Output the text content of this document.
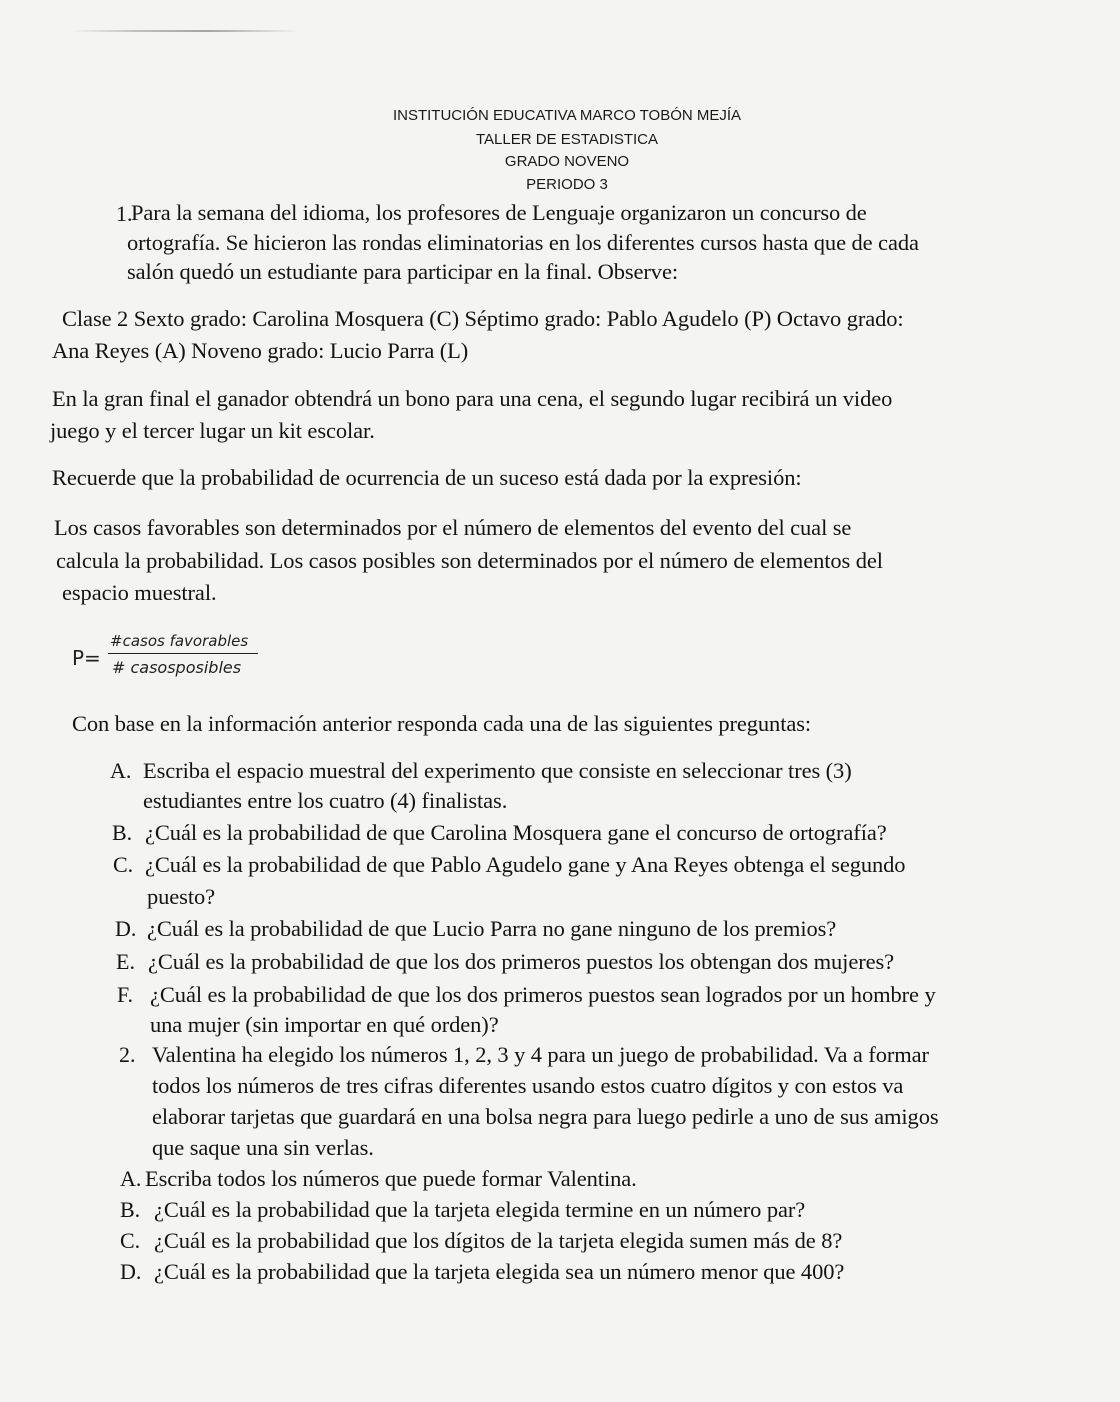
INSTITUCIÓN EDUCATIVA MARCO TOBÓN MEJÍA
TALLER DE ESTADISTICA
GRADO NOVENO
PERIODO 3
1.
Para la semana del idioma, los profesores de Lenguaje organizaron un concurso de
ortografía. Se hicieron las rondas eliminatorias en los diferentes cursos hasta que de cada
salón quedó un estudiante para participar en la final. Observe:
Clase 2 Sexto grado: Carolina Mosquera (C) Séptimo grado: Pablo Agudelo (P) Octavo grado:
Ana Reyes (A) Noveno grado: Lucio Parra (L)
En la gran final el ganador obtendrá un bono para una cena, el segundo lugar recibirá un video
juego y el tercer lugar un kit escolar.
Recuerde que la probabilidad de ocurrencia de un suceso está dada por la expresión:
Los casos favorables son determinados por el número de elementos del evento del cual se
calcula la probabilidad. Los casos posibles son determinados por el número de elementos del
espacio muestral.
P=
#casos favorables
# casosposibles
Con base en la información anterior responda cada una de las siguientes preguntas:
A. Escriba el espacio muestral del experimento que consiste en seleccionar tres (3)
estudiantes entre los cuatro (4) finalistas.
B. ¿Cuál es la probabilidad de que Carolina Mosquera gane el concurso de ortografía?
C. ¿Cuál es la probabilidad de que Pablo Agudelo gane y Ana Reyes obtenga el segundo
puesto?
D. ¿Cuál es la probabilidad de que Lucio Parra no gane ninguno de los premios?
E. ¿Cuál es la probabilidad de que los dos primeros puestos los obtengan dos mujeres?
F. ¿Cuál es la probabilidad de que los dos primeros puestos sean logrados por un hombre y
una mujer (sin importar en qué orden)?
2. Valentina ha elegido los números 1, 2, 3 y 4 para un juego de probabilidad. Va a formar
todos los números de tres cifras diferentes usando estos cuatro dígitos y con estos va
elaborar tarjetas que guardará en una bolsa negra para luego pedirle a uno de sus amigos
que saque una sin verlas.
A. Escriba todos los números que puede formar Valentina.
B. ¿Cuál es la probabilidad que la tarjeta elegida termine en un número par?
C. ¿Cuál es la probabilidad que los dígitos de la tarjeta elegida sumen más de 8?
D. ¿Cuál es la probabilidad que la tarjeta elegida sea un número menor que 400?
